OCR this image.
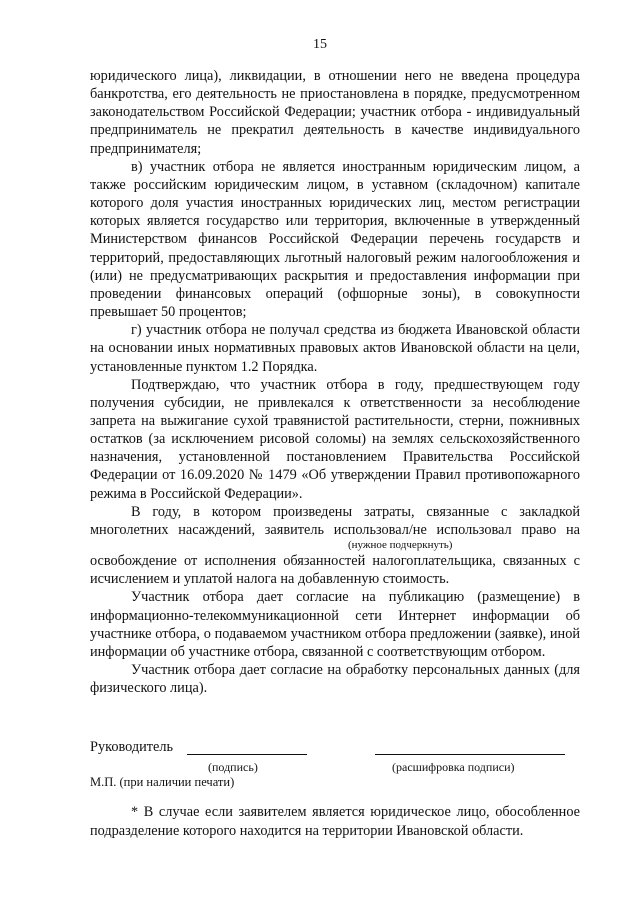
15

юридического лица), ликвидации, в отношении него не введена процедура банкротства, его деятельность не приостановлена в порядке, предусмотренном законодательством Российской Федерации; участник отбора - индивидуальный предприниматель не прекратил деятельность в качестве индивидуального предпринимателя;

в) участник отбора не является иностранным юридическим лицом, а также российским юридическим лицом, в уставном (складочном) капитале которого доля участия иностранных юридических лиц, местом регистрации которых является государство или территория, включенные в утвержденный Министерством финансов Российской Федерации перечень государств и территорий, предоставляющих льготный налоговый режим налогообложения и (или) не предусматривающих раскрытия и предоставления информации при проведении финансовых операций (офшорные зоны), в совокупности превышает 50 процентов;

г) участник отбора не получал средства из бюджета Ивановской области на основании иных нормативных правовых актов Ивановской области на цели, установленные пунктом 1.2 Порядка.

Подтверждаю, что участник отбора в году, предшествующем году получения субсидии, не привлекался к ответственности за несоблюдение запрета на выжигание сухой травянистой растительности, стерни, пожнивных остатков (за исключением рисовой соломы) на землях сельскохозяйственного назначения, установленной постановлением Правительства Российской Федерации от 16.09.2020 № 1479 «Об утверждении Правил противопожарного режима в Российской Федерации».

В году, в котором произведены затраты, связанные с закладкой многолетних насаждений, заявитель использовал/не использовал право на

(нужное подчеркнуть)

освобождение от исполнения обязанностей налогоплательщика, связанных с исчислением и уплатой налога на добавленную стоимость.

Участник отбора дает согласие на публикацию (размещение) в информационно-телекоммуникационной сети Интернет информации об участнике отбора, о подаваемом участником отбора предложении (заявке), иной информации об участнике отбора, связанной с соответствующим отбором.

Участник отбора дает согласие на обработку персональных данных (для физического лица).

Руководитель
(подпись)	(расшифровка подписи)
М.П. (при наличии печати)

* В случае если заявителем является юридическое лицо, обособленное подразделение которого находится на территории Ивановской области.
